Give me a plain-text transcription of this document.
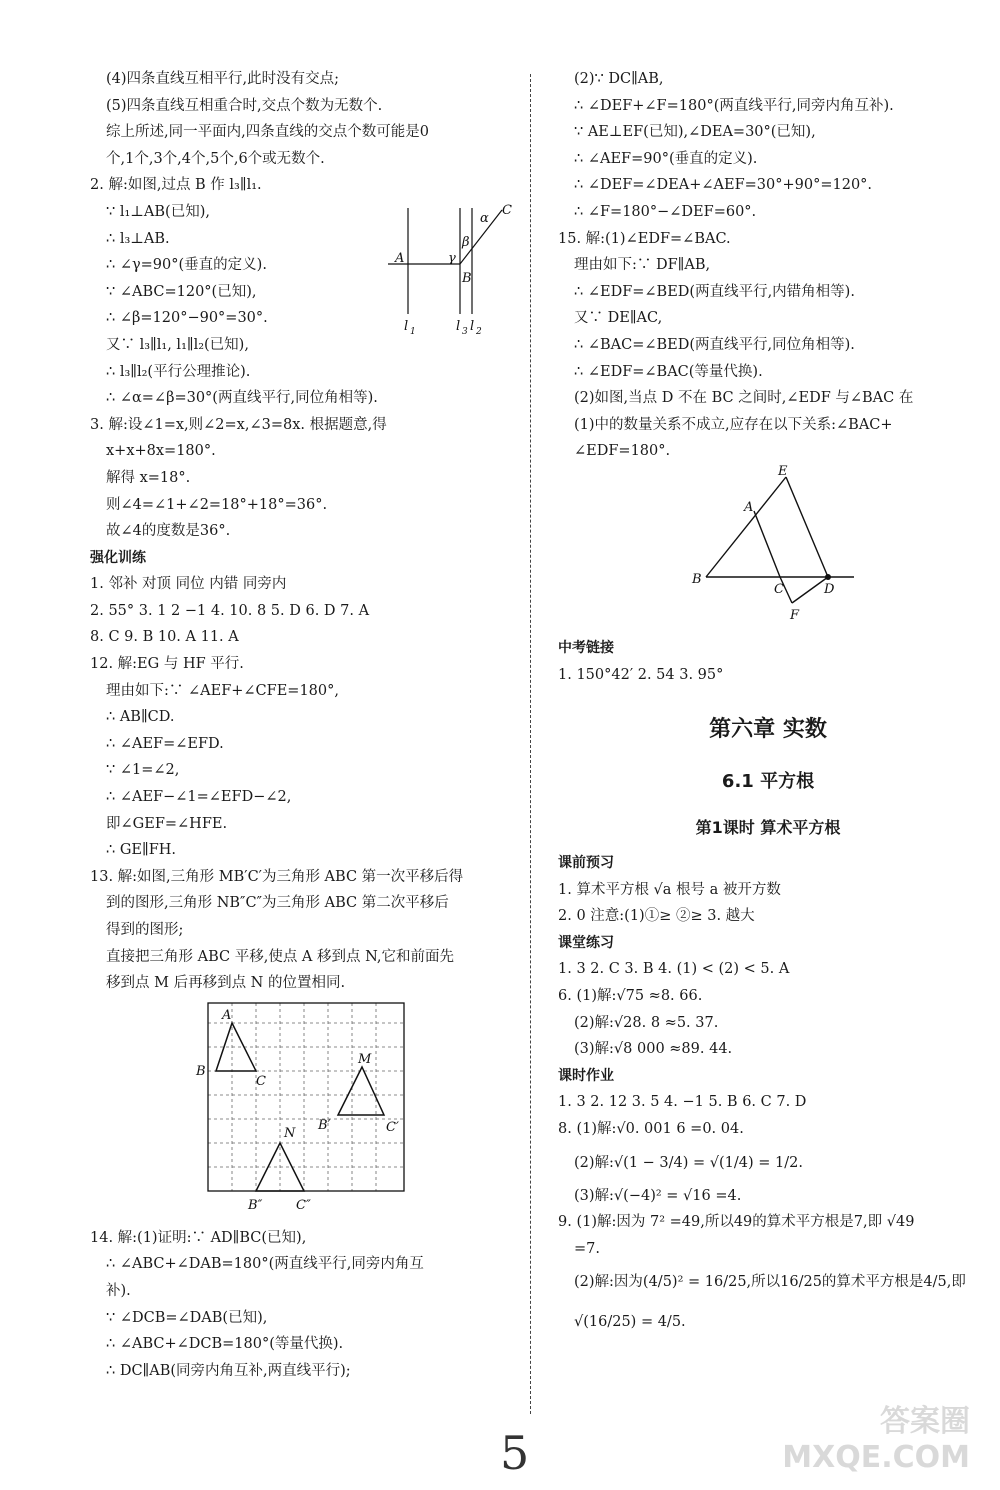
(4)四条直线互相平行,此时没有交点;
(5)四条直线互相重合时,交点个数为无数个.
综上所述,同一平面内,四条直线的交点个数可能是0
个,1个,3个,4个,5个,6个或无数个.
2. 解:如图,过点 B 作 l₃∥l₁.
∵ l₁⊥AB(已知),
∴ l₃⊥AB.
∴ ∠γ=90°(垂直的定义).
∵ ∠ABC=120°(已知),
∴ ∠β=120°−90°=30°.
又∵ l₃∥l₁, l₁∥l₂(已知),
∴ l₃∥l₂(平行公理推论).
∴ ∠α=∠β=30°(两直线平行,同位角相等).
3. 解:设∠1=x,则∠2=x,∠3=8x. 根据题意,得
x+x+8x=180°.
解得 x=18°.
则∠4=∠1+∠2=18°+18°=36°.
故∠4的度数是36°.
强化训练
1. 邻补 对顶 同位 内错 同旁内
2. 55° 3. 1 2 −1 4. 10. 8 5. D 6. D 7. A
8. C 9. B 10. A 11. A
12. 解:EG 与 HF 平行.
理由如下:∵ ∠AEF+∠CFE=180°,
∴ AB∥CD.
∴ ∠AEF=∠EFD.
∵ ∠1=∠2,
∴ ∠AEF−∠1=∠EFD−∠2,
即∠GEF=∠HFE.
∴ GE∥FH.
13. 解:如图,三角形 MB′C′为三角形 ABC 第一次平移后得
到的图形,三角形 NB″C″为三角形 ABC 第二次平移后
得到的图形;
直接把三角形 ABC 平移,使点 A 移到点 N,它和前面先
移到点 M 后再移到点 N 的位置相同.
A
B
C
α
β
γ
l 1	l 3 l 2
A
B
C
M
B′	C′
N
B″	C″
14. 解:(1)证明:∵ AD∥BC(已知),
∴ ∠ABC+∠DAB=180°(两直线平行,同旁内角互
补).
∵ ∠DCB=∠DAB(已知),
∴ ∠ABC+∠DCB=180°(等量代换).
∴ DC∥AB(同旁内角互补,两直线平行);
(2)∵ DC∥AB,
∴ ∠DEF+∠F=180°(两直线平行,同旁内角互补).
∵ AE⊥EF(已知),∠DEA=30°(已知),
∴ ∠AEF=90°(垂直的定义).
∴ ∠DEF=∠DEA+∠AEF=30°+90°=120°.
∴ ∠F=180°−∠DEF=60°.
15. 解:(1)∠EDF=∠BAC.
理由如下:∵ DF∥AB,
∴ ∠EDF=∠BED(两直线平行,内错角相等).
又∵ DE∥AC,
∴ ∠BAC=∠BED(两直线平行,同位角相等).
∴ ∠EDF=∠BAC(等量代换).
(2)如图,当点 D 不在 BC 之间时,∠EDF 与∠BAC 在
(1)中的数量关系不成立,应存在以下关系:∠BAC+
∠EDF=180°.
E
A
B
C	D
F
中考链接
1. 150°42′ 2. 54 3. 95°
第六章 实数
6.1 平方根
第1课时 算术平方根
课前预习
1. 算术平方根 √a 根号 a 被开方数
2. 0 注意:(1)①≥ ②≥ 3. 越大
课堂练习
1. 3 2. C 3. B 4. (1) < (2) < 5. A
6. (1)解:√75 ≈8. 66.
(2)解:√28. 8 ≈5. 37.
(3)解:√8 000 ≈89. 44.
课时作业
1. 3 2. 12 3. 5 4. −1 5. B 6. C 7. D
8. (1)解:√0. 001 6 =0. 04.
(2)解:√(1 − 3/4) = √(1/4) = 1/2.
(3)解:√(−4)² = √16 =4.
9. (1)解:因为 7² =49,所以49的算术平方根是7,即 √49
=7.
(2)解:因为(4/5)² = 16/25,所以16/25的算术平方根是4/5,即
√(16/25) = 4/5.
5
答案圈
MXQE.COM
